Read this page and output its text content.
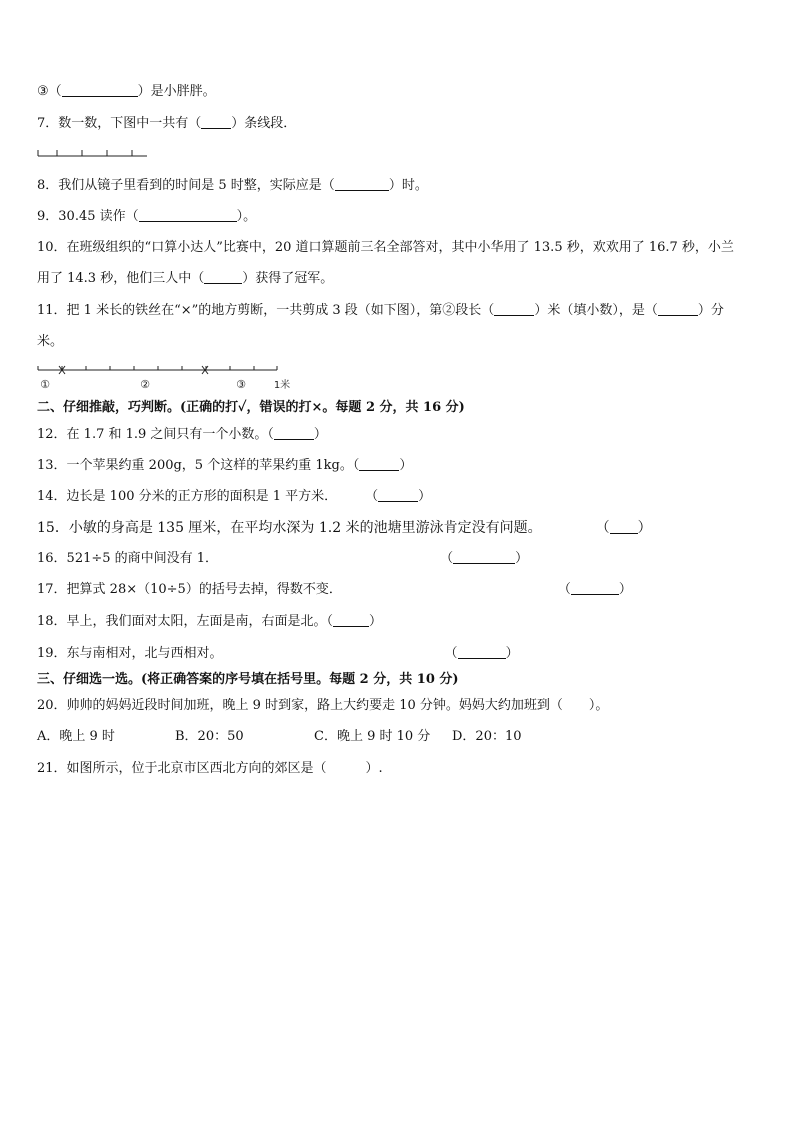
③（	）是小胖胖。
7．数一数，下图中一共有（ ）条线段．
8．我们从镜子里看到的时间是 5 时整，实际应是（	）时。
9．30.45 读作（	）。
10．在班级组织的“口算小达人”比赛中，20 道口算题前三名全部答对，其中小华用了 13.5 秒，欢欢用了 16.7 秒，小兰
用了 14.3 秒，他们三人中（	）获得了冠军。
11．把 1 米长的铁丝在“×”的地方剪断，一共剪成 3 段（如下图），第②段长（	）米（填小数），是（	）分
米。
①	②	③	1米
二、仔细推敲，巧判断。(正确的打✓，错误的打×。每题 2 分，共 16 分)
12．在 1.7 和 1.9 之间只有一个小数。（	）
13．一个苹果约重 200g，5 个这样的苹果约重 1kg。（	）
14．边长是 100 分米的正方形的面积是 1 平方米． （	）
15．小敏的身高是 135 厘米，在平均水深为 1.2 米的池塘里游泳肯定没有问题。	（ ）
16．521÷5 的商中间没有 1．	（	）
17．把算式 28×（10÷5）的括号去掉，得数不变．	（	）
18．早上，我们面对太阳，左面是南，右面是北。（	）
19．东与南相对，北与西相对。	（	）
三、仔细选一选。(将正确答案的序号填在括号里。每题 2 分，共 10 分)
20．帅帅的妈妈近段时间加班，晚上 9 时到家，路上大约要走 10 分钟。妈妈大约加班到（　　）。
A．晚上 9 时	B．20：50	C．晚上 9 时 10 分 D．20：10
21．如图所示，位于北京市区西北方向的郊区是（　　　）.
